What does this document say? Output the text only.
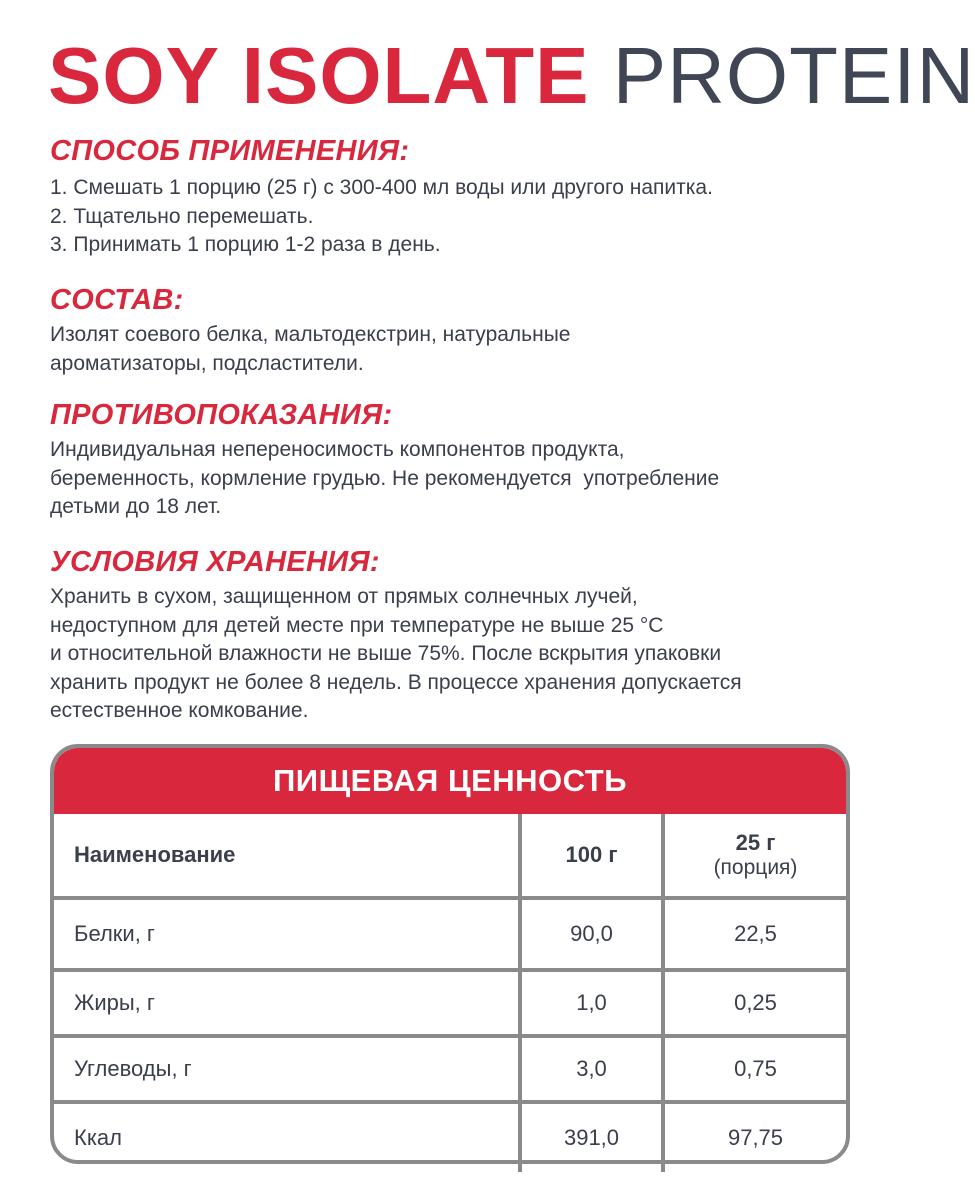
SOY ISOLATE PROTEIN
СПОСОБ ПРИМЕНЕНИЯ:

1. Смешать 1 порцию (25 г) с 300-400 мл воды или другого напитка.

2. Тщательно перемешать.

3. Принимать 1 порцию 1-2 раза в день.

СОСТАВ:

Изолят соевого белка, мальтодекстрин, натуральные
ароматизаторы, подсластители.

ПРОТИВОПОКАЗАНИЯ:

Индивидуальная непереносимость компонентов продукта,
беременность, кормление грудью. Не рекомендуется  употребление
детьми до 18 лет.

УСЛОВИЯ ХРАНЕНИЯ:

Хранить в сухом, защищенном от прямых солнечных лучей,
недоступном для детей месте при температуре не выше 25 °С
и относительной влажности не выше 75%. После вскрытия упаковки
хранить продукт не более 8 недель. В процессе хранения допускается
естественное комкование.

ПИЩЕВАЯ ЦЕННОСТЬ
Наименование	100 г	25 г
(порция)

Белки, г	90,0	22,5
Жиры, г	1,0	0,25
Углеводы, г	3,0	0,75
Ккал	391,0	97,75
